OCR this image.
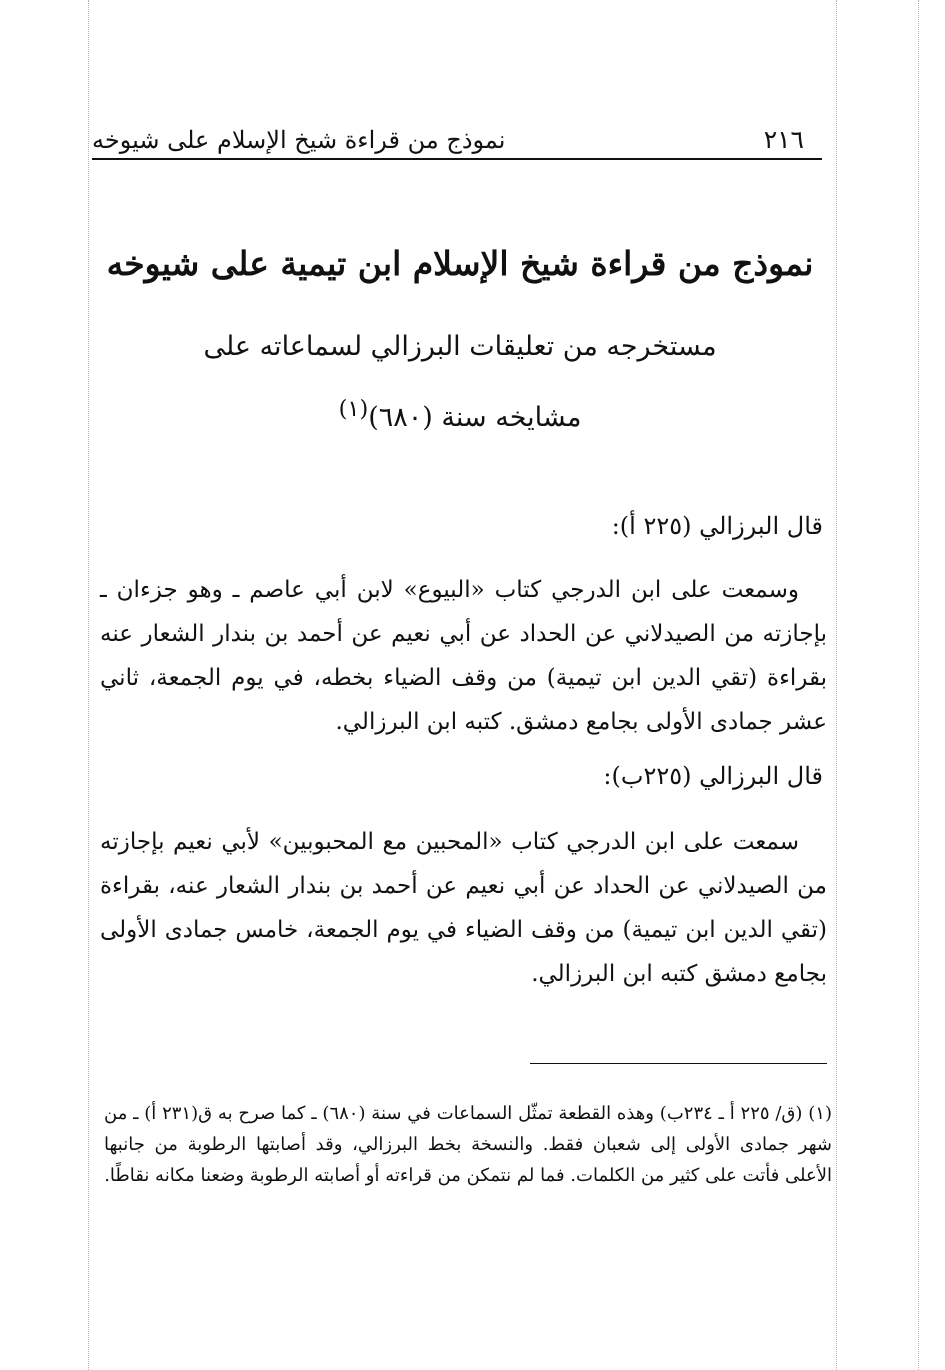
نموذج من قراءة شيخ الإسلام على شيوخه	٢١٦
نموذج من قراءة شيخ الإسلام ابن تيمية على شيوخه
مستخرجه من تعليقات البرزالي لسماعاته على
مشايخه سنة (٦٨٠)$^{(١)}$
قال البرزالي (٢٢٥ أ):
وسمعت على ابن الدرجي كتاب «البيوع» لابن أبي عاصم ـ وهو جزءان ـ بإجازته من الصيدلاني عن الحداد عن أبي نعيم عن أحمد بن بندار الشعار عنه بقراءة (تقي الدين ابن تيمية) من وقف الضياء بخطه، في يوم الجمعة، ثاني عشر جمادى الأولى بجامع دمشق. كتبه ابن البرزالي.
قال البرزالي (٢٢٥ب):
سمعت على ابن الدرجي كتاب «المحبين مع المحبوبين» لأبي نعيم بإجازته من الصيدلاني عن الحداد عن أبي نعيم عن أحمد بن بندار الشعار عنه، بقراءة (تقي الدين ابن تيمية) من وقف الضياء في يوم الجمعة، خامس جمادى الأولى بجامع دمشق كتبه ابن البرزالي.
(١) (ق/ ٢٢٥ أ ـ ٢٣٤ب) وهذه القطعة تمثّل السماعات في سنة (٦٨٠) ـ كما صرح به ق(٢٣١ أ) ـ من شهر جمادى الأولى إلى شعبان فقط. والنسخة بخط البرزالي، وقد أصابتها الرطوبة من جانبها الأعلى فأتت على كثير من الكلمات. فما لم نتمكن من قراءته أو أصابته الرطوبة وضعنا مكانه نقاطًا.
